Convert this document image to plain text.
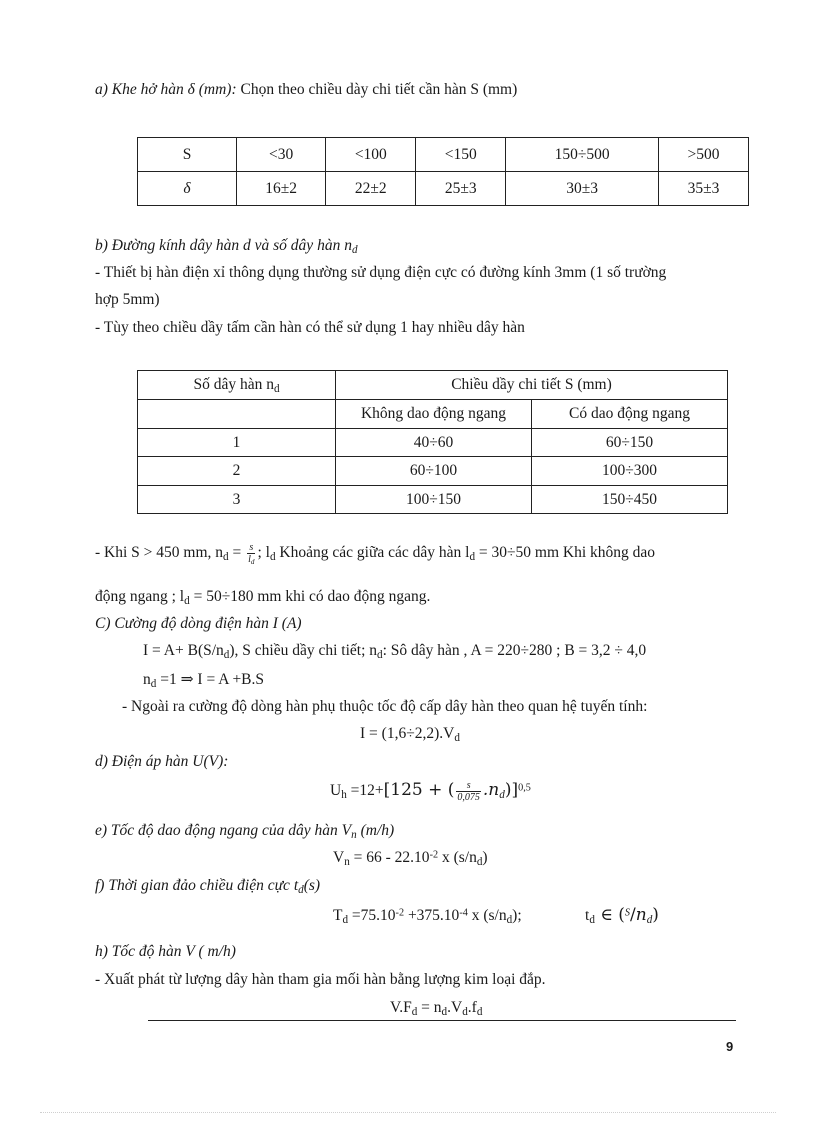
a) Khe hở hàn δ (mm): Chọn theo chiều dày chi tiết cần hàn S (mm)
S	<30	<100	<150	150÷500	>500
δ	16±2	22±2	25±3	30±3	35±3
b) Đường kính dây hàn d và số dây hàn $n_d$
- Thiết bị hàn điện xỉ thông dụng thường sử dụng điện cực có đường kính 3mm (1 số trường
hợp 5mm)
- Tùy theo chiều dầy tấm cần hàn có thể sử dụng 1 hay nhiều dây hàn
Số dây hàn $n_d$	Chiều dầy chi tiết S (mm)	
	Không dao động ngang	Có dao động ngang
1	40÷60	60÷150
2	60÷100	100÷300
3	100÷150	150÷450
- Khi S > 450 mm, $n_d = \frac{s}{l_d}$ ; $l_d$ Khoảng các giữa các dây hàn $l_d = 30\div 50$ mm Khi không dao
động ngang ; $l_d = 50\div 180$ mm khi có dao động ngang.
C) Cường độ dòng điện hàn I (A)
$I = A+ B(S/n_d)$, S chiều dầy chi tiết; $n_d$: Sô dây hàn , A = 220÷280 ; B = 3,2 ÷ 4,0
$n_d =1$ ⇒ I = A +B.S
- Ngoài ra cường độ dòng hàn phụ thuộc tốc độ cấp dây hàn theo quan hệ tuyến tính:
$I = (1,6\div 2,2).V_d$
d) Điện áp hàn U(V):
$U_h =12+[125$ + ( $\frac{s}{0,075} .n_d)]^{0,5}$
e) Tốc độ dao động ngang của dây hàn $V_n$ (m/h)
$V_n = 66 - 22.10^{-2}$ x $(s/n_d)$
f) Thời gian đảo chiều điện cực $t_d(s)$
$T_d =75.10^{-2} +375.10^{-4}$ x $(s/n_d)$;	$t_d$ ∈ $(^S/n_d)$
h) Tốc độ hàn V ( m/h)
- Xuất phát từ lượng dây hàn tham gia mối hàn bằng lượng kim loại đắp.
$V.F_d = n_d.V_d.f_d$
9
